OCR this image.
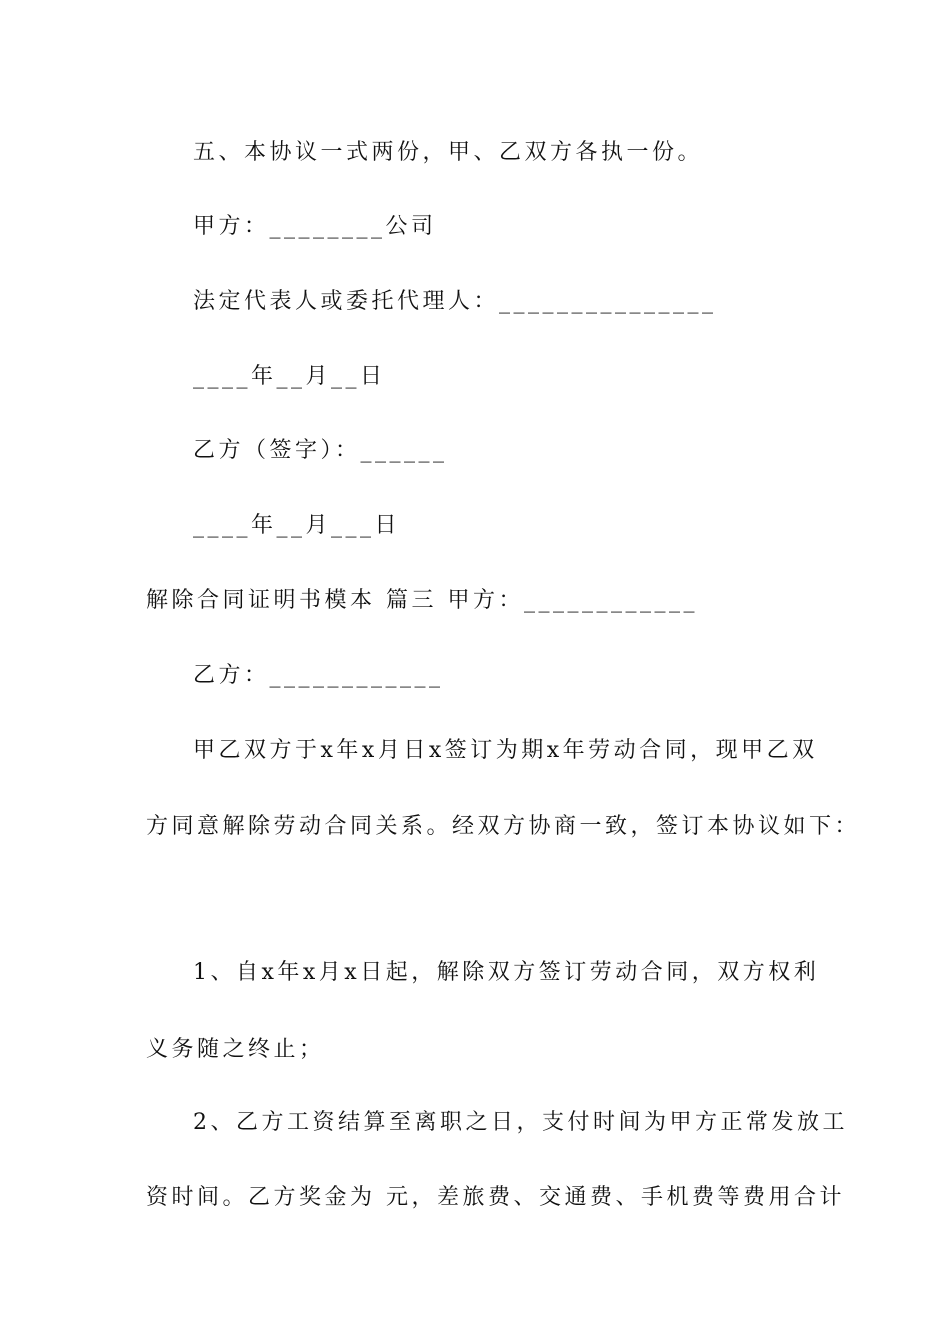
五、本协议一式两份，甲、乙双方各执一份。
甲方：________公司
法定代表人或委托代理人：_______________
____年__月__日
乙方（签字）：______
____年__月___日
解除合同证明书模本 篇三 甲方：____________
乙方：____________
甲乙双方于x年x月日x签订为期x年劳动合同，现甲乙双
方同意解除劳动合同关系。经双方协商一致，签订本协议如下：
1、自x年x月x日起，解除双方签订劳动合同，双方权利
义务随之终止；
2、乙方工资结算至离职之日，支付时间为甲方正常发放工
资时间。乙方奖金为 元，差旅费、交通费、手机费等费用合计
